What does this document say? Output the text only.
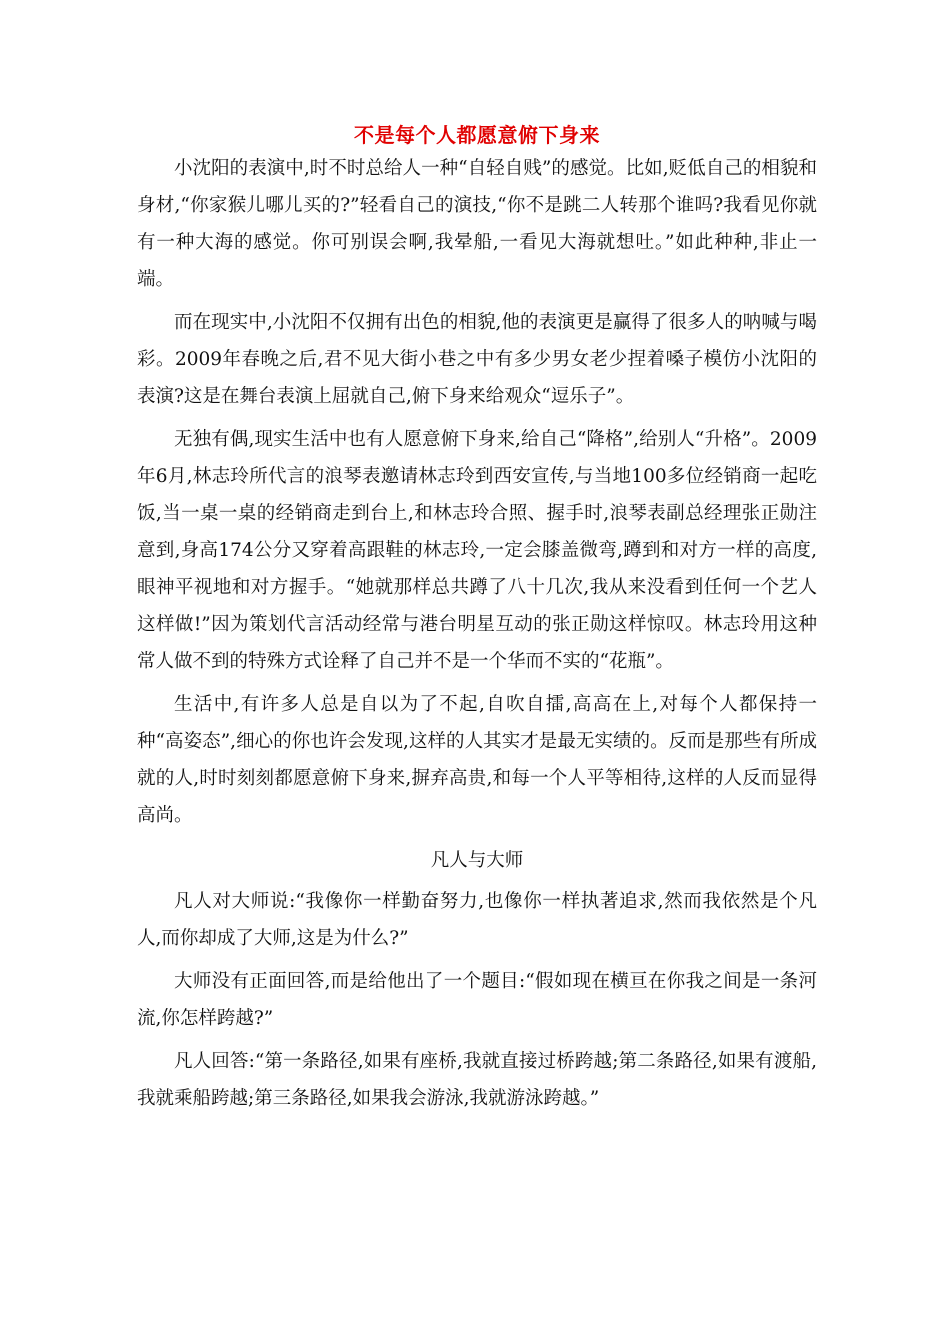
不是每个人都愿意俯下身来

小沈阳的表演中,时不时总给人一种“自轻自贱”的感觉。比如,贬低自己的相貌和身材,“你家猴儿哪儿买的?”轻看自己的演技,“你不是跳二人转那个谁吗?我看见你就有一种大海的感觉。你可别误会啊,我晕船,一看见大海就想吐。”如此种种,非止一端。

而在现实中,小沈阳不仅拥有出色的相貌,他的表演更是赢得了很多人的呐喊与喝彩。2009年春晚之后,君不见大街小巷之中有多少男女老少捏着嗓子模仿小沈阳的表演?这是在舞台表演上屈就自己,俯下身来给观众“逗乐子”。

无独有偶,现实生活中也有人愿意俯下身来,给自己“降格”,给别人“升格”。2009年6月,林志玲所代言的浪琴表邀请林志玲到西安宣传,与当地100多位经销商一起吃饭,当一桌一桌的经销商走到台上,和林志玲合照、握手时,浪琴表副总经理张正勋注意到,身高174公分又穿着高跟鞋的林志玲,一定会膝盖微弯,蹲到和对方一样的高度,眼神平视地和对方握手。“她就那样总共蹲了八十几次,我从来没看到任何一个艺人这样做!”因为策划代言活动经常与港台明星互动的张正勋这样惊叹。林志玲用这种常人做不到的特殊方式诠释了自己并不是一个华而不实的“花瓶”。

生活中,有许多人总是自以为了不起,自吹自擂,高高在上,对每个人都保持一种“高姿态”,细心的你也许会发现,这样的人其实才是最无实绩的。反而是那些有所成就的人,时时刻刻都愿意俯下身来,摒弃高贵,和每一个人平等相待,这样的人反而显得高尚。

凡人与大师

凡人对大师说:“我像你一样勤奋努力,也像你一样执著追求,然而我依然是个凡人,而你却成了大师,这是为什么?”

大师没有正面回答,而是给他出了一个题目:“假如现在横亘在你我之间是一条河流,你怎样跨越?”

凡人回答:“第一条路径,如果有座桥,我就直接过桥跨越;第二条路径,如果有渡船,我就乘船跨越;第三条路径,如果我会游泳,我就游泳跨越。”
